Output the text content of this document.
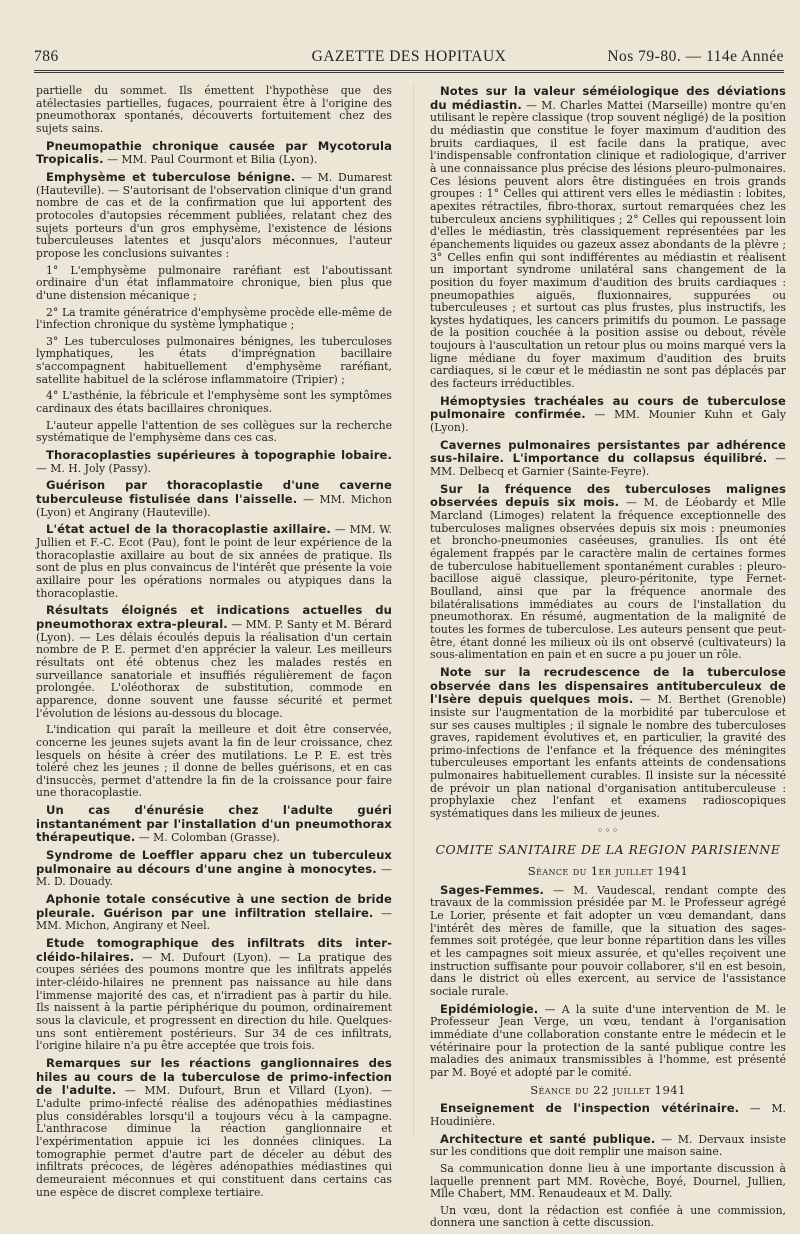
786	GAZETTE DES HOPITAUX	Nos 79-80. — 114e Année

partielle du sommet. Ils émettent l'hypothèse que des atélectasies partielles, fugaces, pourraient être à l'origine des pneumothorax spontanés, découverts fortuitement chez des sujets sains.

Pneumopathie chronique causée par Mycotorula Tropicalis. — MM. Paul Courmont et Bilia (Lyon).

Emphysème et tuberculose bénigne. — M. Dumarest (Hauteville). — S'autorisant de l'observation clinique d'un grand nombre de cas et de la confirmation que lui apportent des protocoles d'autopsies récemment publiées, relatant chez des sujets porteurs d'un gros emphysème, l'existence de lésions tuberculeuses latentes et jusqu'alors méconnues, l'auteur propose les conclusions suivantes :

1° L'emphysème pulmonaire raréfiant est l'aboutissant ordinaire d'un état inflammatoire chronique, bien plus que d'une distension mécanique ;

2° La tramite génératrice d'emphysème procède elle-même de l'infection chronique du système lymphatique ;

3° Les tuberculoses pulmonaires bénignes, les tuberculoses lymphatiques, les états d'imprégnation bacillaire s'accompagnent habituellement d'emphysème raréfiant, satellite habituel de la sclérose inflammatoire (Tripier) ;

4° L'asthénie, la fébricule et l'emphysème sont les symptômes cardinaux des états bacillaires chroniques.

L'auteur appelle l'attention de ses collègues sur la recherche systématique de l'emphysème dans ces cas.

Thoracoplasties supérieures à topographie lobaire. — M. H. Joly (Passy).

Guérison par thoracoplastie d'une caverne tuberculeuse fistulisée dans l'aisselle. — MM. Michon (Lyon) et Angirany (Hauteville).

L'état actuel de la thoracoplastie axillaire. — MM. W. Jullien et F.-C. Ecot (Pau), font le point de leur expérience de la thoracoplastie axillaire au bout de six années de pratique. Ils sont de plus en plus convaincus de l'intérêt que présente la voie axillaire pour les opérations normales ou atypiques dans la thoracoplastie.

Résultats éloignés et indications actuelles du pneumothorax extra-pleural. — MM. P. Santy et M. Bérard (Lyon). — Les délais écoulés depuis la réalisation d'un certain nombre de P. E. permet d'en apprécier la valeur. Les meilleurs résultats ont été obtenus chez les malades restés en surveillance sanatoriale et insuffiés régulièrement de façon prolongée. L'oléothorax de substitution, commode en apparence, donne souvent une fausse sécurité et permet l'évolution de lésions au-dessous du blocage.

L'indication qui paraît la meilleure et doit être conservée, concerne les jeunes sujets avant la fin de leur croissance, chez lesquels on hésite à créer des mutilations. Le P. E. est très toléré chez les jeunes ; il donne de belles guérisons, et en cas d'insuccès, permet d'attendre la fin de la croissance pour faire une thoracoplastie.

Un cas d'énurésie chez l'adulte guéri instantanément par l'installation d'un pneumothorax thérapeutique. — M. Colomban (Grasse).

Syndrome de Loeffler apparu chez un tuberculeux pulmonaire au décours d'une angine à monocytes. — M. D. Douady.

Aphonie totale consécutive à une section de bride pleurale. Guérison par une infiltration stellaire. — MM. Michon, Angirany et Neel.

Etude tomographique des infiltrats dits inter-cléido-hilaires. — M. Dufourt (Lyon). — La pratique des coupes sériées des poumons montre que les infiltrats appelés inter-cléido-hilaires ne prennent pas naissance au hile dans l'immense majorité des cas, et n'irradient pas à partir du hile. Ils naissent à la partie périphérique du poumon, ordinairement sous la clavicule, et progressent en direction du hile. Quelques-uns sont entièrement postérieurs. Sur 34 de ces infiltrats, l'origine hilaire n'a pu être acceptée que trois fois.

Remarques sur les réactions ganglionnaires des hiles au cours de la tuberculose de primo-infection de l'adulte. — MM. Dufourt, Brun et Villard (Lyon). — L'adulte primo-infecté réalise des adénopathies médiastines plus considérables lorsqu'il a toujours vécu à la campagne. L'anthracose diminue la réaction ganglionnaire et l'expérimentation appuie ici les données cliniques. La tomographie permet d'autre part de déceler au début des infiltrats précoces, de légères adénopathies médiastines qui demeuraient méconnues et qui constituent dans certains cas une espèce de discret complexe tertiaire.

Notes sur la valeur séméiologique des déviations du médiastin. — M. Charles Mattei (Marseille) montre qu'en utilisant le repère classique (trop souvent négligé) de la position du médiastin que constitue le foyer maximum d'audition des bruits cardiaques, il est facile dans la pratique, avec l'indispensable confrontation clinique et radiologique, d'arriver à une connaissance plus précise des lésions pleuro-pulmonaires. Ces lésions peuvent alors être distinguées en trois grands groupes : 1° Celles qui attirent vers elles le médiastin : lobites, apexites rétractiles, fibro-thorax, surtout remarquées chez les tuberculeux anciens syphilitiques ; 2° Celles qui repoussent loin d'elles le médiastin, très classiquement représentées par les épanchements liquides ou gazeux assez abondants de la plèvre ; 3° Celles enfin qui sont indifférentes au médiastin et réalisent un important syndrome unilatéral sans changement de la position du foyer maximum d'audition des bruits cardiaques : pneumopathies aiguës, fluxionnaires, suppurées ou tuberculeuses ; et surtout cas plus frustes, plus instructifs, les kystes hydatiques, les cancers primitifs du poumon. Le passage de la position couchée à la position assise ou debout, révèle toujours à l'auscultation un retour plus ou moins marqué vers la ligne médiane du foyer maximum d'audition des bruits cardiaques, si le cœur et le médiastin ne sont pas déplacés par des facteurs irréductibles.

Hémoptysies trachéales au cours de tuberculose pulmonaire confirmée. — MM. Mounier Kuhn et Galy (Lyon).

Cavernes pulmonaires persistantes par adhérence sus-hilaire. L'importance du collapsus équilibré. — MM. Delbecq et Garnier (Sainte-Feyre).

Sur la fréquence des tuberculoses malignes observées depuis six mois. — M. de Léobardy et Mlle Marcland (Limoges) relatent la fréquence exceptionnelle des tuberculoses malignes observées depuis six mois : pneumonies et broncho-pneumonies caséeuses, granulies. Ils ont été également frappés par le caractère malin de certaines formes de tuberculose habituellement spontanément curables : pleuro-bacillose aiguë classique, pleuro-péritonite, type Fernet-Boulland, ainsi que par la fréquence anormale des bilatéralisations immédiates au cours de l'installation du pneumothorax. En résumé, augmentation de la malignité de toutes les formes de tuberculose. Les auteurs pensent que peut-être, étant donné les milieux où ils ont observé (cultivateurs) la sous-alimentation en pain et en sucre a pu jouer un rôle.

Note sur la recrudescence de la tuberculose observée dans les dispensaires antituberculeux de l'Isère depuis quelques mois. — M. Berthet (Grenoble) insiste sur l'augmentation de la morbidité par tuberculose et sur ses causes multiples ; il signale le nombre des tuberculoses graves, rapidement évolutives et, en particulier, la gravité des primo-infections de l'enfance et la fréquence des méningites tuberculeuses emportant les enfants atteints de condensations pulmonaires habituellement curables. Il insiste sur la nécessité de prévoir un plan national d'organisation antituberculeuse : prophylaxie chez l'enfant et examens radioscopiques systématiques dans les milieux de jeunes.

◦◦◦
COMITE SANITAIRE DE LA REGION PARISIENNE
Séance du 1er juillet 1941

Sages-Femmes. — M. Vaudescal, rendant compte des travaux de la commission présidée par M. le Professeur agrégé Le Lorier, présente et fait adopter un vœu demandant, dans l'intérêt des mères de famille, que la situation des sages-femmes soit protégée, que leur bonne répartition dans les villes et les campagnes soit mieux assurée, et qu'elles reçoivent une instruction suffisante pour pouvoir collaborer, s'il en est besoin, dans le district où elles exercent, au service de l'assistance sociale rurale.

Epidémiologie. — A la suite d'une intervention de M. le Professeur Jean Verge, un vœu, tendant à l'organisation immédiate d'une collaboration constante entre le médecin et le vétérinaire pour la protection de la santé publique contre les maladies des animaux transmissibles à l'homme, est présenté par M. Boyé et adopté par le comité.

Séance du 22 juillet 1941

Enseignement de l'inspection vétérinaire. — M. Houdinière.

Architecture et santé publique. — M. Dervaux insiste sur les conditions que doit remplir une maison saine.

Sa communication donne lieu à une importante discussion à laquelle prennent part MM. Rovèche, Boyé, Dournel, Jullien, Mlle Chabert, MM. Renaudeaux et M. Dally.

Un vœu, dont la rédaction est confiée à une commission, donnera une sanction à cette discussion.
